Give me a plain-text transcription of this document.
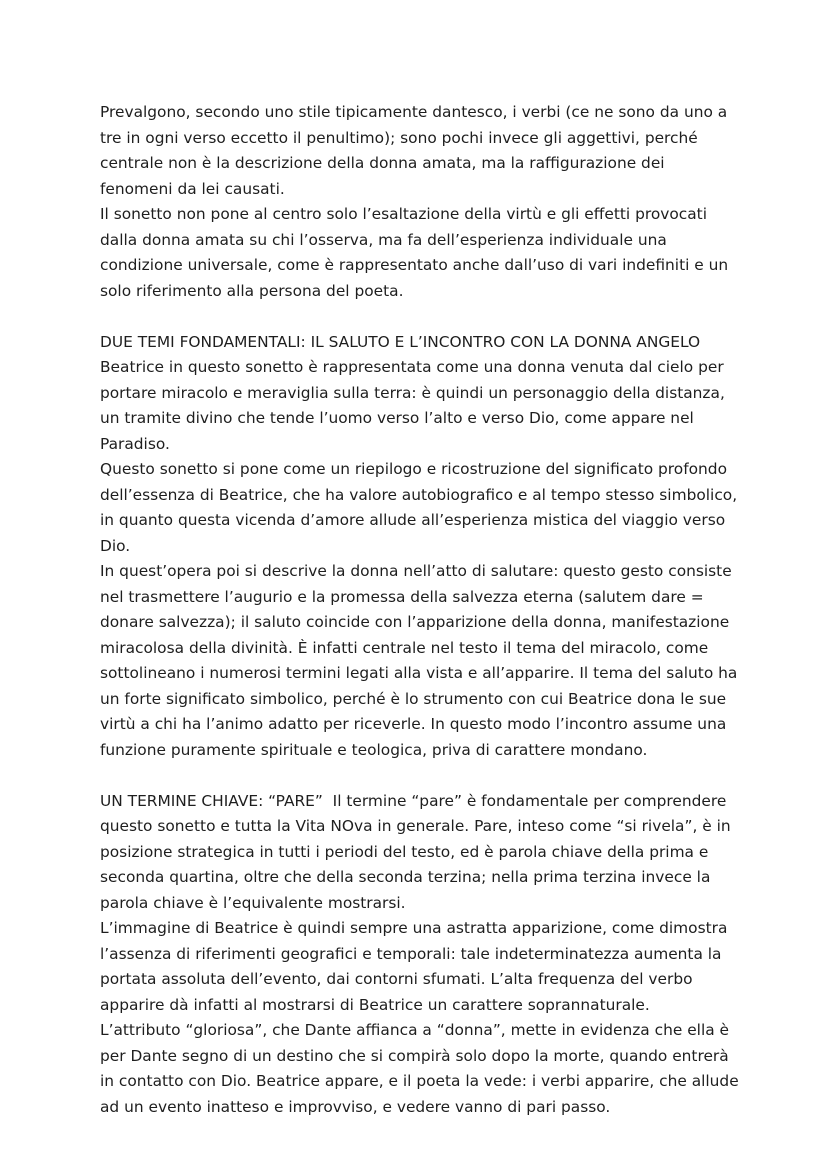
Prevalgono, secondo uno stile tipicamente dantesco, i verbi (ce ne sono da uno a tre in ogni verso eccetto il penultimo); sono pochi invece gli aggettivi, perché centrale non è la descrizione della donna amata, ma la raffigurazione dei fenomeni da lei causati.

Il sonetto non pone al centro solo l’esaltazione della virtù e gli effetti provocati dalla donna amata su chi l’osserva, ma fa dell’esperienza individuale una condizione universale, come è rappresentato anche dall’uso di vari indefiniti e un solo riferimento alla persona del poeta.

DUE TEMI FONDAMENTALI: IL SALUTO E L’INCONTRO CON LA DONNA ANGELO

Beatrice in questo sonetto è rappresentata come una donna venuta dal cielo per portare miracolo e meraviglia sulla terra: è quindi un personaggio della distanza, un tramite divino che tende l’uomo verso l’alto e verso Dio, come appare nel Paradiso.

Questo sonetto si pone come un riepilogo e ricostruzione del significato profondo dell’essenza di Beatrice, che ha valore autobiografico e al tempo stesso simbolico, in quanto questa vicenda d’amore allude all’esperienza mistica del viaggio verso Dio.

In quest’opera poi si descrive la donna nell’atto di salutare: questo gesto consiste nel trasmettere l’augurio e la promessa della salvezza eterna (salutem dare = donare salvezza); il saluto coincide con l’apparizione della donna, manifestazione miracolosa della divinità. È infatti centrale nel testo il tema del miracolo, come sottolineano i numerosi termini legati alla vista e all’apparire. Il tema del saluto ha un forte significato simbolico, perché è lo strumento con cui Beatrice dona le sue virtù a chi ha l’animo adatto per riceverle. In questo modo l’incontro assume una funzione puramente spirituale e teologica, priva di carattere mondano.

UN TERMINE CHIAVE: “PARE”  Il termine “pare” è fondamentale per comprendere questo sonetto e tutta la Vita NOva in generale. Pare, inteso come “si rivela”, è in posizione strategica in tutti i periodi del testo, ed è parola chiave della prima e seconda quartina, oltre che della seconda terzina; nella prima terzina invece la parola chiave è l’equivalente mostrarsi.

L’immagine di Beatrice è quindi sempre una astratta apparizione, come dimostra l’assenza di riferimenti geografici e temporali: tale indeterminatezza aumenta la portata assoluta dell’evento, dai contorni sfumati. L’alta frequenza del verbo apparire dà infatti al mostrarsi di Beatrice un carattere soprannaturale.

L’attributo “gloriosa”, che Dante affianca a “donna”, mette in evidenza che ella è per Dante segno di un destino che si compirà solo dopo la morte, quando entrerà in contatto con Dio. Beatrice appare, e il poeta la vede: i verbi apparire, che allude ad un evento inatteso e improvviso, e vedere vanno di pari passo.
